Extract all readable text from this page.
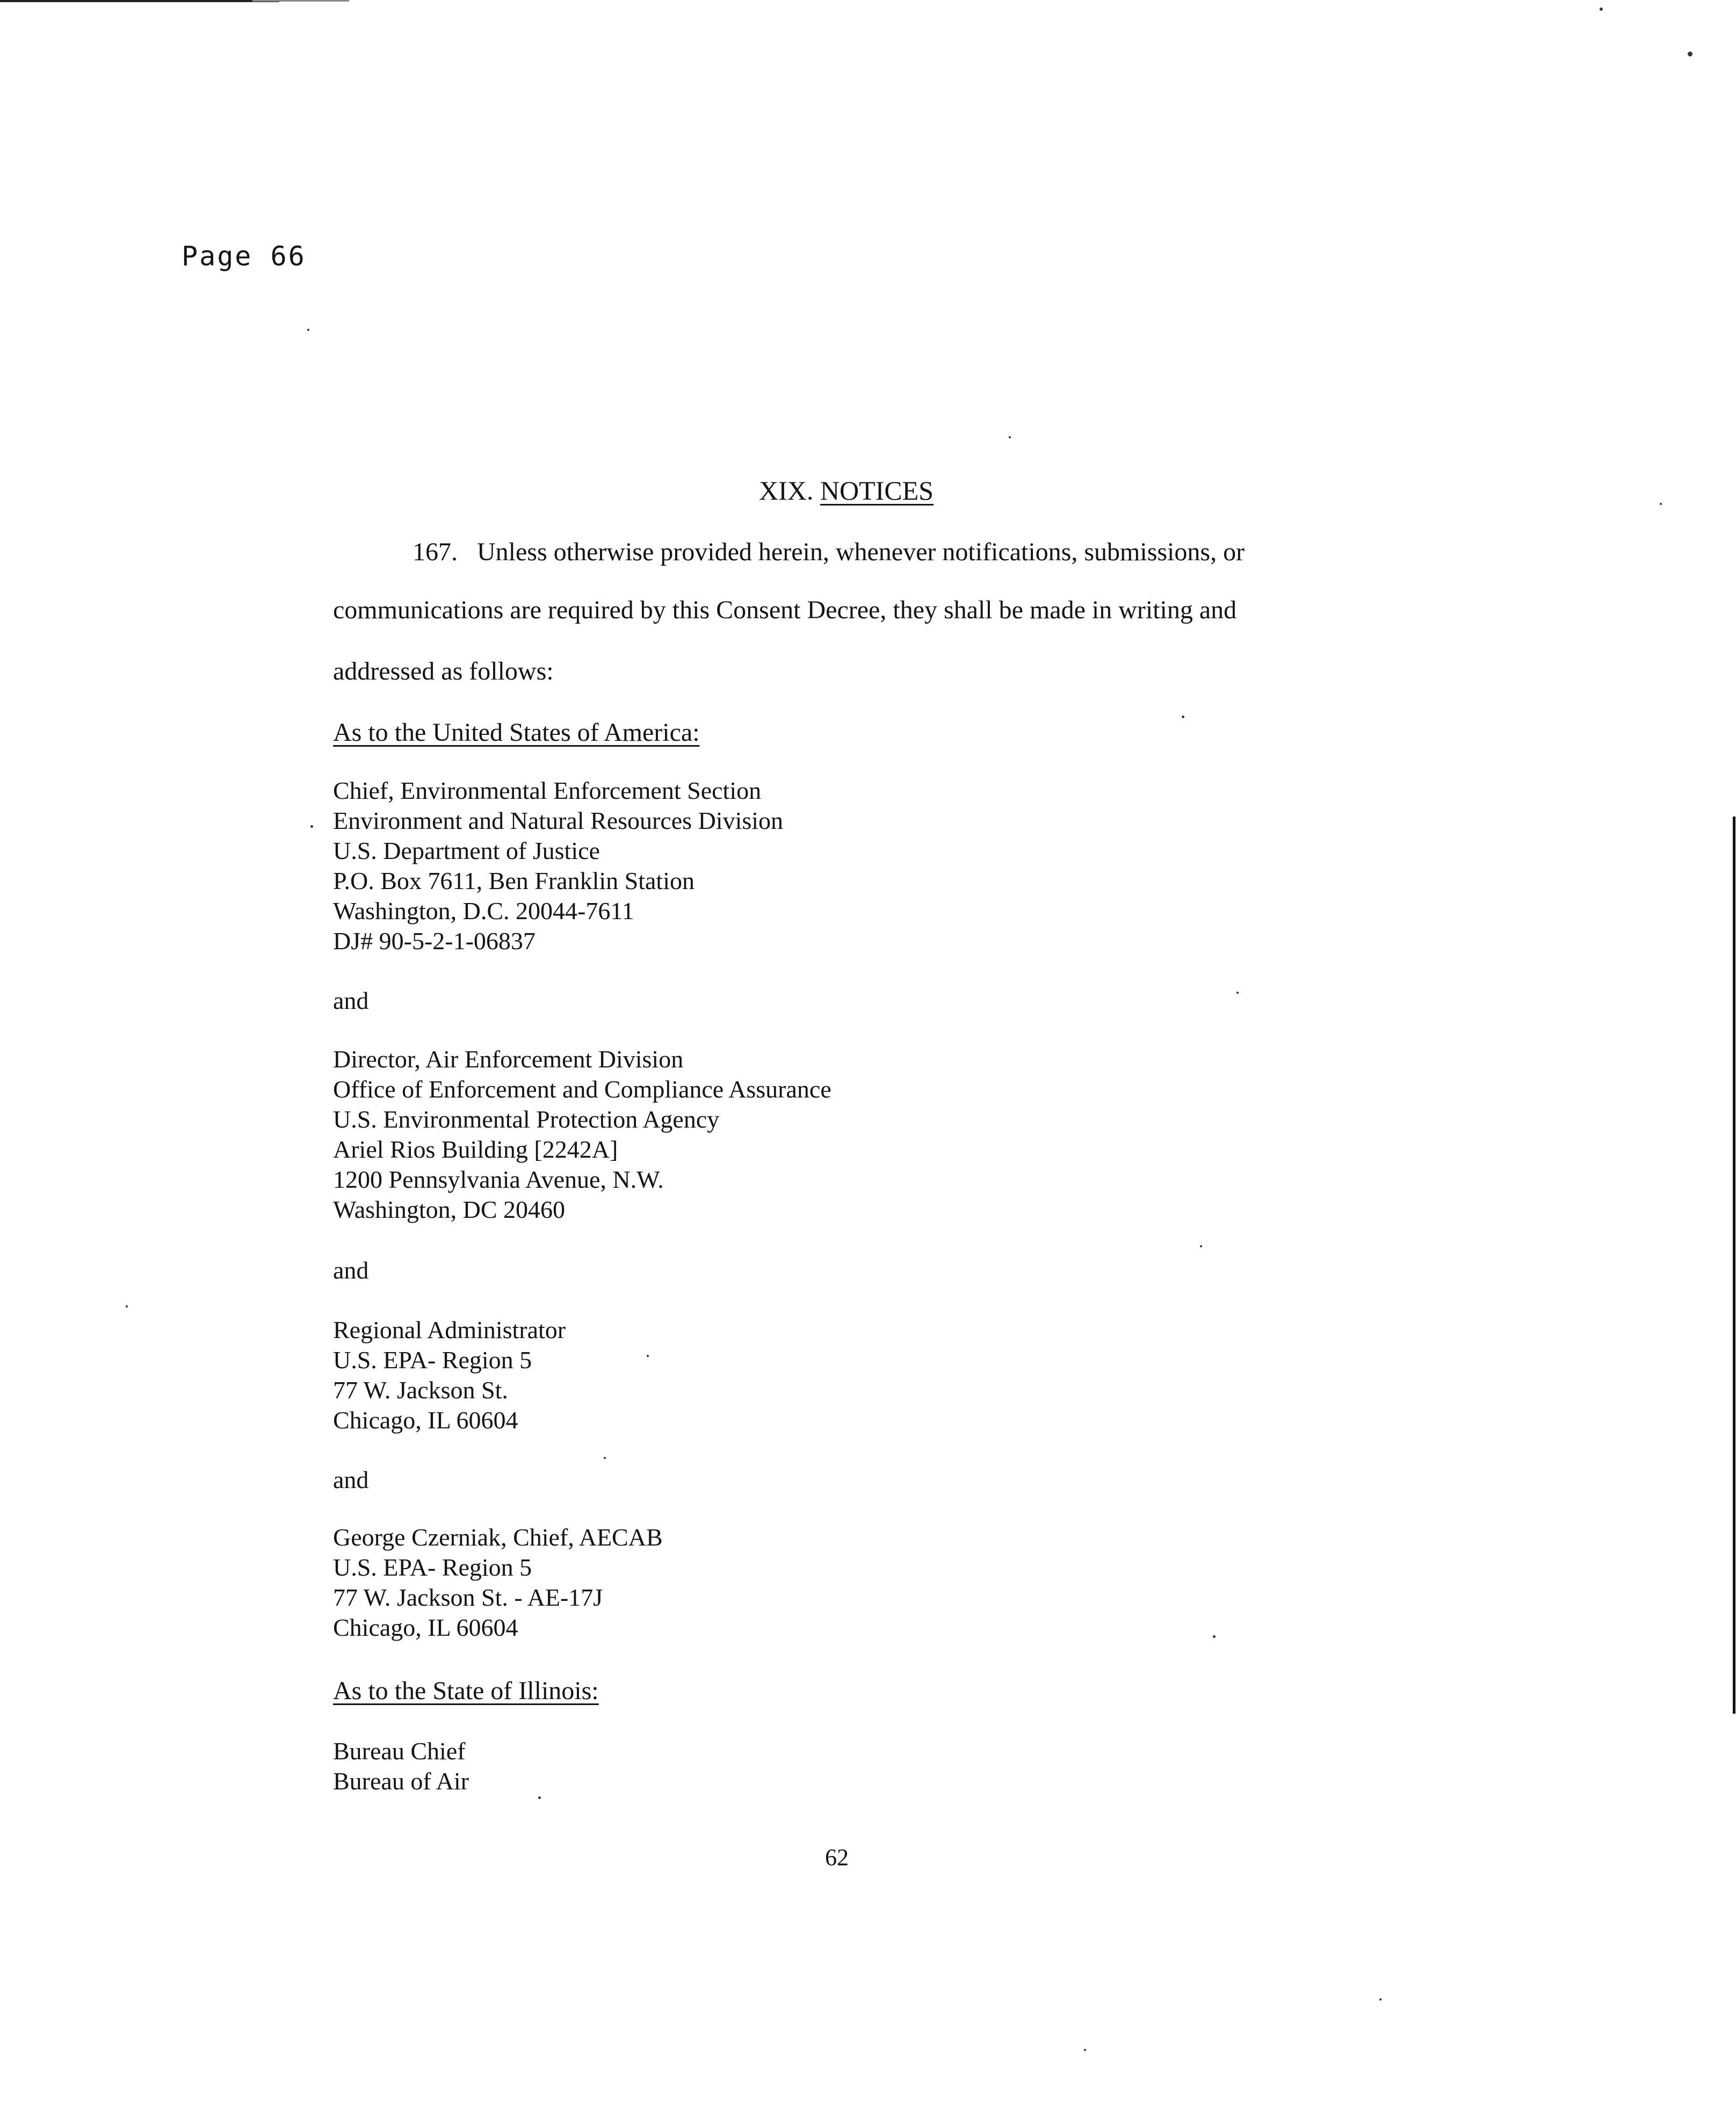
Page 66
XIX. NOTICES
167. Unless otherwise provided herein, whenever notifications, submissions, or
communications are required by this Consent Decree, they shall be made in writing and
addressed as follows:
As to the United States of America:
Chief, Environmental Enforcement Section
Environment and Natural Resources Division
U.S. Department of Justice
P.O. Box 7611, Ben Franklin Station
Washington, D.C. 20044-7611
DJ# 90-5-2-1-06837
and
Director, Air Enforcement Division
Office of Enforcement and Compliance Assurance
U.S. Environmental Protection Agency
Ariel Rios Building [2242A]
1200 Pennsylvania Avenue, N.W.
Washington, DC 20460
and
Regional Administrator
U.S. EPA- Region 5
77 W. Jackson St.
Chicago, IL 60604
and
George Czerniak, Chief, AECAB
U.S. EPA- Region 5
77 W. Jackson St. - AE-17J
Chicago, IL 60604
As to the State of Illinois:
Bureau Chief
Bureau of Air
62
